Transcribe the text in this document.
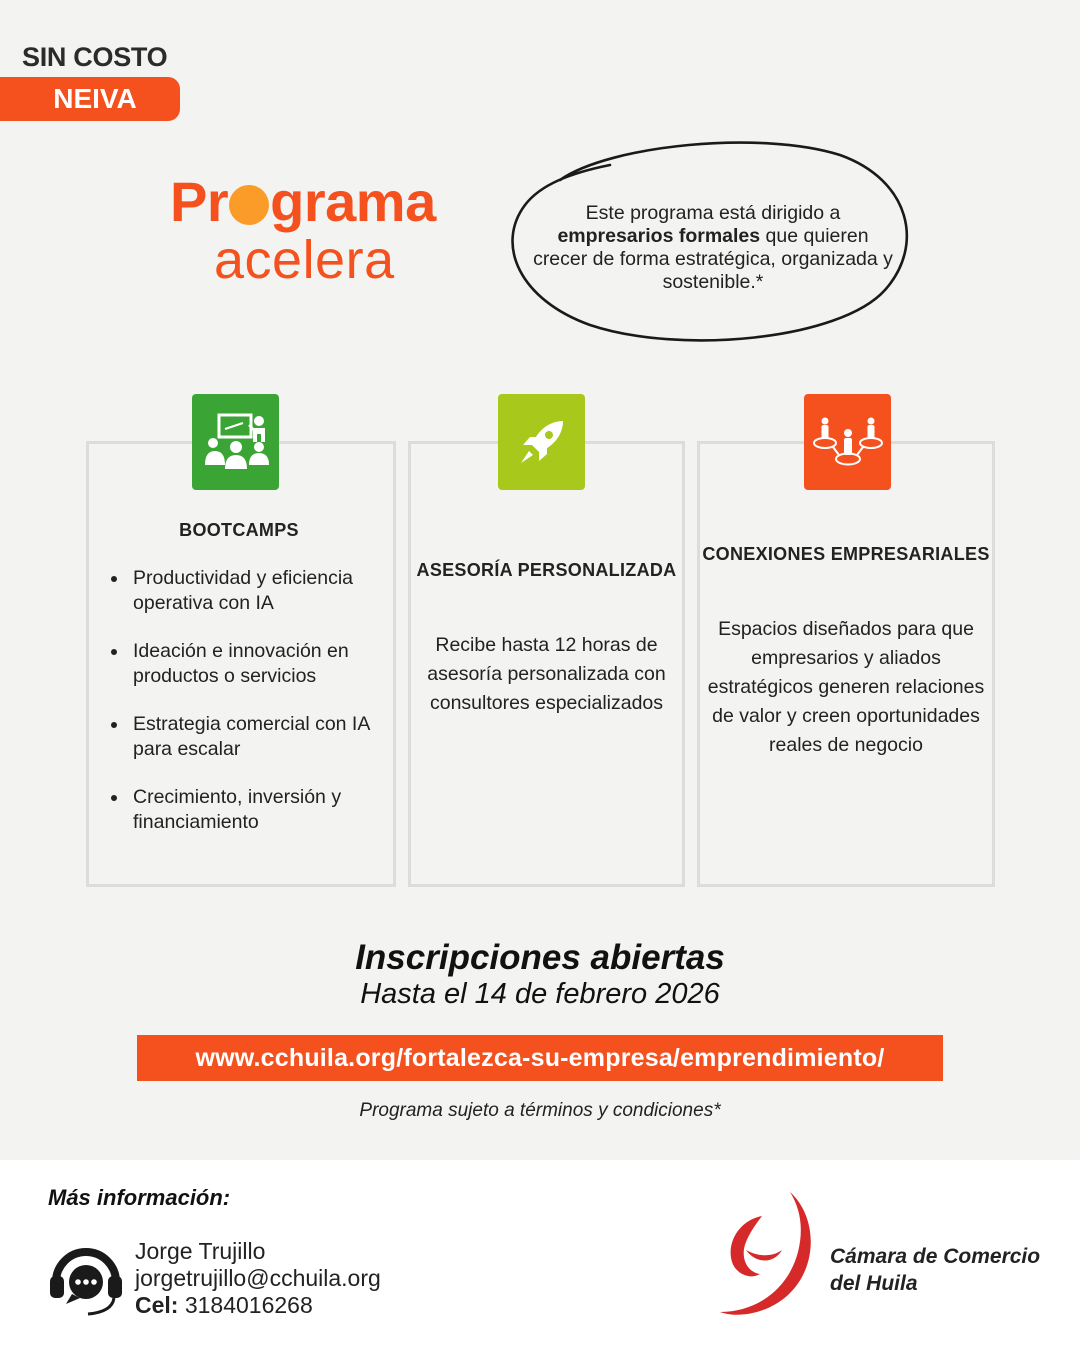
SIN COSTO
NEIVA
Pr grama
acelera
Este programa está dirigido a empresarios formales que quieren crecer de forma estratégica, organizada y sostenible.*
BOOTCAMPS
ASESORÍA PERSONALIZADA
CONEXIONES EMPRESARIALES
Productividad y eficiencia operativa con IA
Ideación e innovación en productos o servicios
Estrategia comercial con IA para escalar
Crecimiento, inversión y financiamiento
Recibe hasta 12 horas de asesoría personalizada con consultores especializados
Espacios diseñados para que empresarios y aliados estratégicos generen relaciones de valor y creen oportunidades reales de negocio
Inscripciones abiertas
Hasta el 14 de febrero 2026
www.cchuila.org/fortalezca-su-empresa/emprendimiento/
Programa sujeto a términos y condiciones*
Más información:
Jorge Trujillo
jorgetrujillo@cchuila.org
Cel: 3184016268
Cámara de Comercio
del Huila
